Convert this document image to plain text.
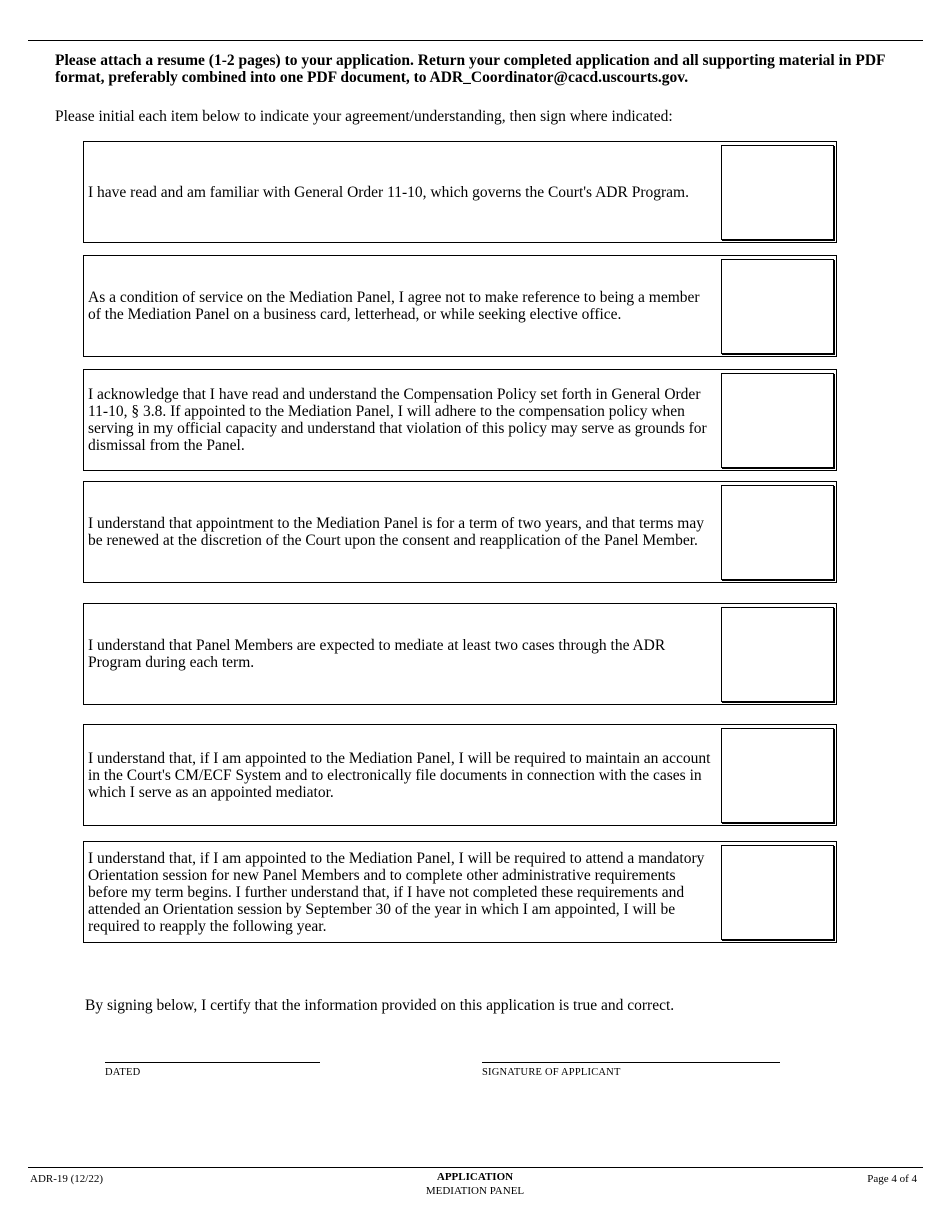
Please attach a resume (1-2 pages) to your application. Return your completed application and all supporting material in PDF format, preferably combined into one PDF document, to ADR_Coordinator@cacd.uscourts.gov.
Please initial each item below to indicate your agreement/understanding, then sign where indicated:
I have read and am familiar with General Order 11-10, which governs the Court's ADR Program.
As a condition of service on the Mediation Panel, I agree not to make reference to being a member of the Mediation Panel on a business card, letterhead, or while seeking elective office.
I acknowledge that I have read and understand the Compensation Policy set forth in General Order 11-10, § 3.8. If appointed to the Mediation Panel, I will adhere to the compensation policy when serving in my official capacity and understand that violation of this policy may serve as grounds for dismissal from the Panel.
I understand that appointment to the Mediation Panel is for a term of two years, and that terms may be renewed at the discretion of the Court upon the consent and reapplication of the Panel Member.
I understand that Panel Members are expected to mediate at least two cases through the ADR Program during each term.
I understand that, if I am appointed to the Mediation Panel, I will be required to maintain an account in the Court's CM/ECF System and to electronically file documents in connection with the cases in which I serve as an appointed mediator.
I understand that, if I am appointed to the Mediation Panel, I will be required to attend a mandatory Orientation session for new Panel Members and to complete other administrative requirements before my term begins. I further understand that, if I have not completed these requirements and attended an Orientation session by September 30 of the year in which I am appointed, I will be required to reapply the following year.
By signing below, I certify that the information provided on this application is true and correct.
DATED	SIGNATURE OF APPLICANT
ADR-19 (12/22)	APPLICATION
MEDIATION PANEL
Page 4 of 4
